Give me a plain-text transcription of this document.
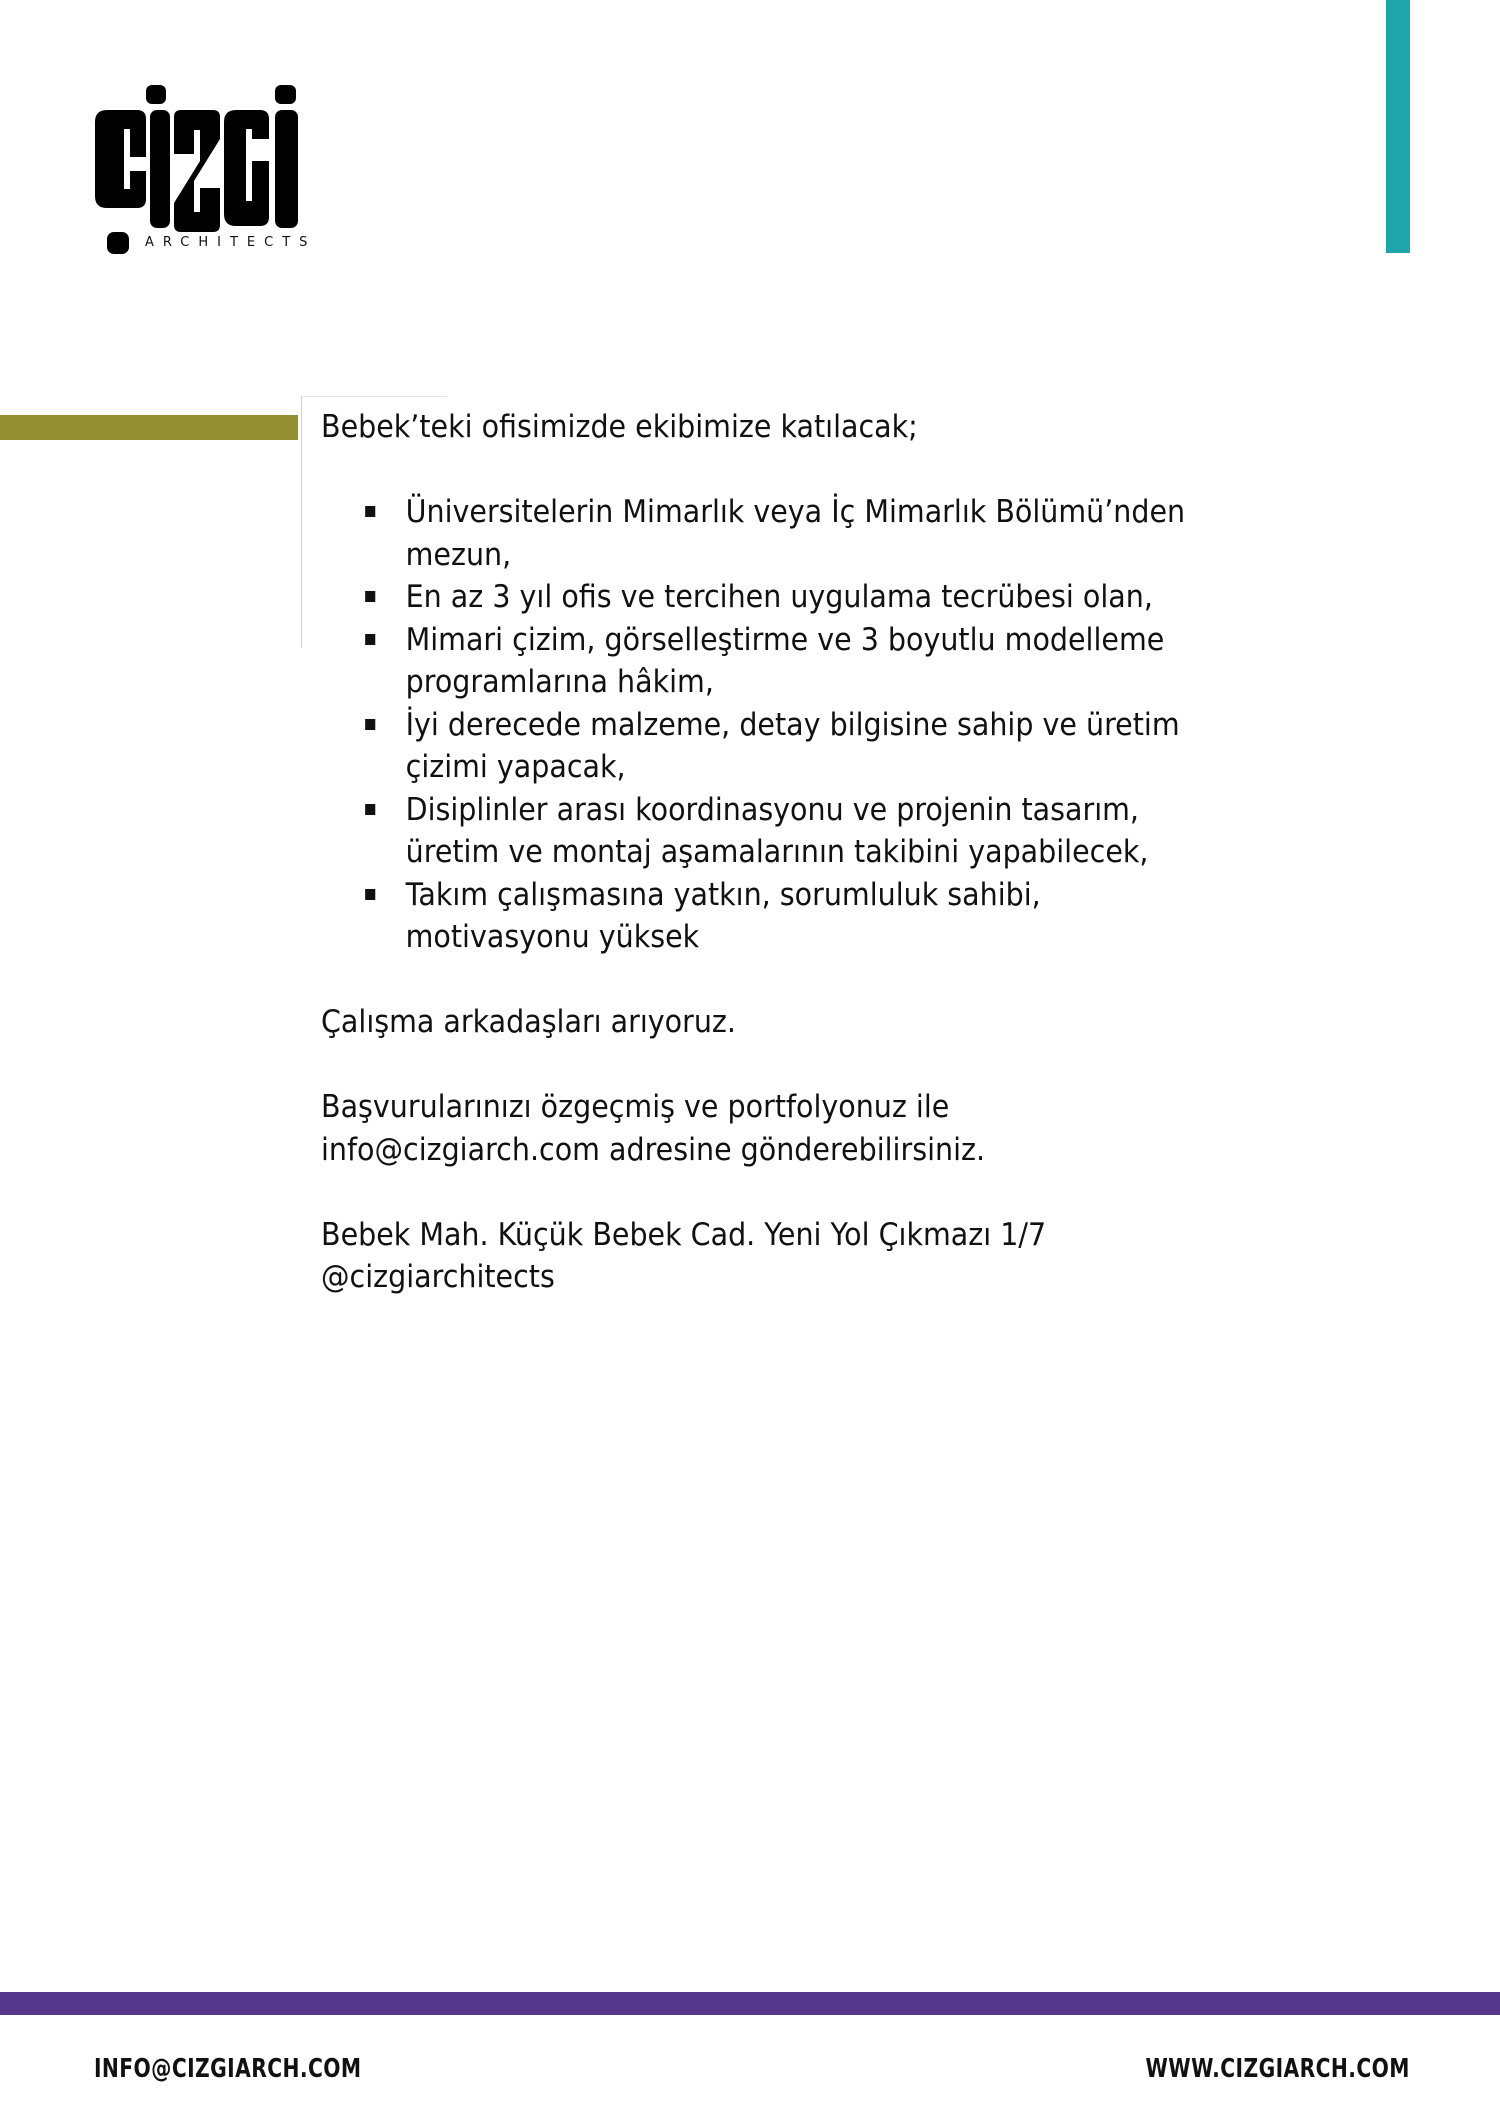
ARCHITECTS

Bebek’teki ofisimizde ekibimize katılacak;

Üniversitelerin Mimarlık veya İç Mimarlık Bölümü’nden
mezun,
En az 3 yıl ofis ve tercihen uygulama tecrübesi olan,
Mimari çizim, görselleştirme ve 3 boyutlu modelleme
programlarına hâkim,
İyi derecede malzeme, detay bilgisine sahip ve üretim
çizimi yapacak,
Disiplinler arası koordinasyonu ve projenin tasarım,
üretim ve montaj aşamalarının takibini yapabilecek,
Takım çalışmasına yatkın, sorumluluk sahibi,
motivasyonu yüksek

Çalışma arkadaşları arıyoruz.

Başvurularınızı özgeçmiş ve portfolyonuz ile

info@cizgiarch.com adresine gönderebilirsiniz.

Bebek Mah. Küçük Bebek Cad. Yeni Yol Çıkmazı 1/7

@cizgiarchitects

INFO@CIZGIARCH.COM	WWW.CIZGIARCH.COM
